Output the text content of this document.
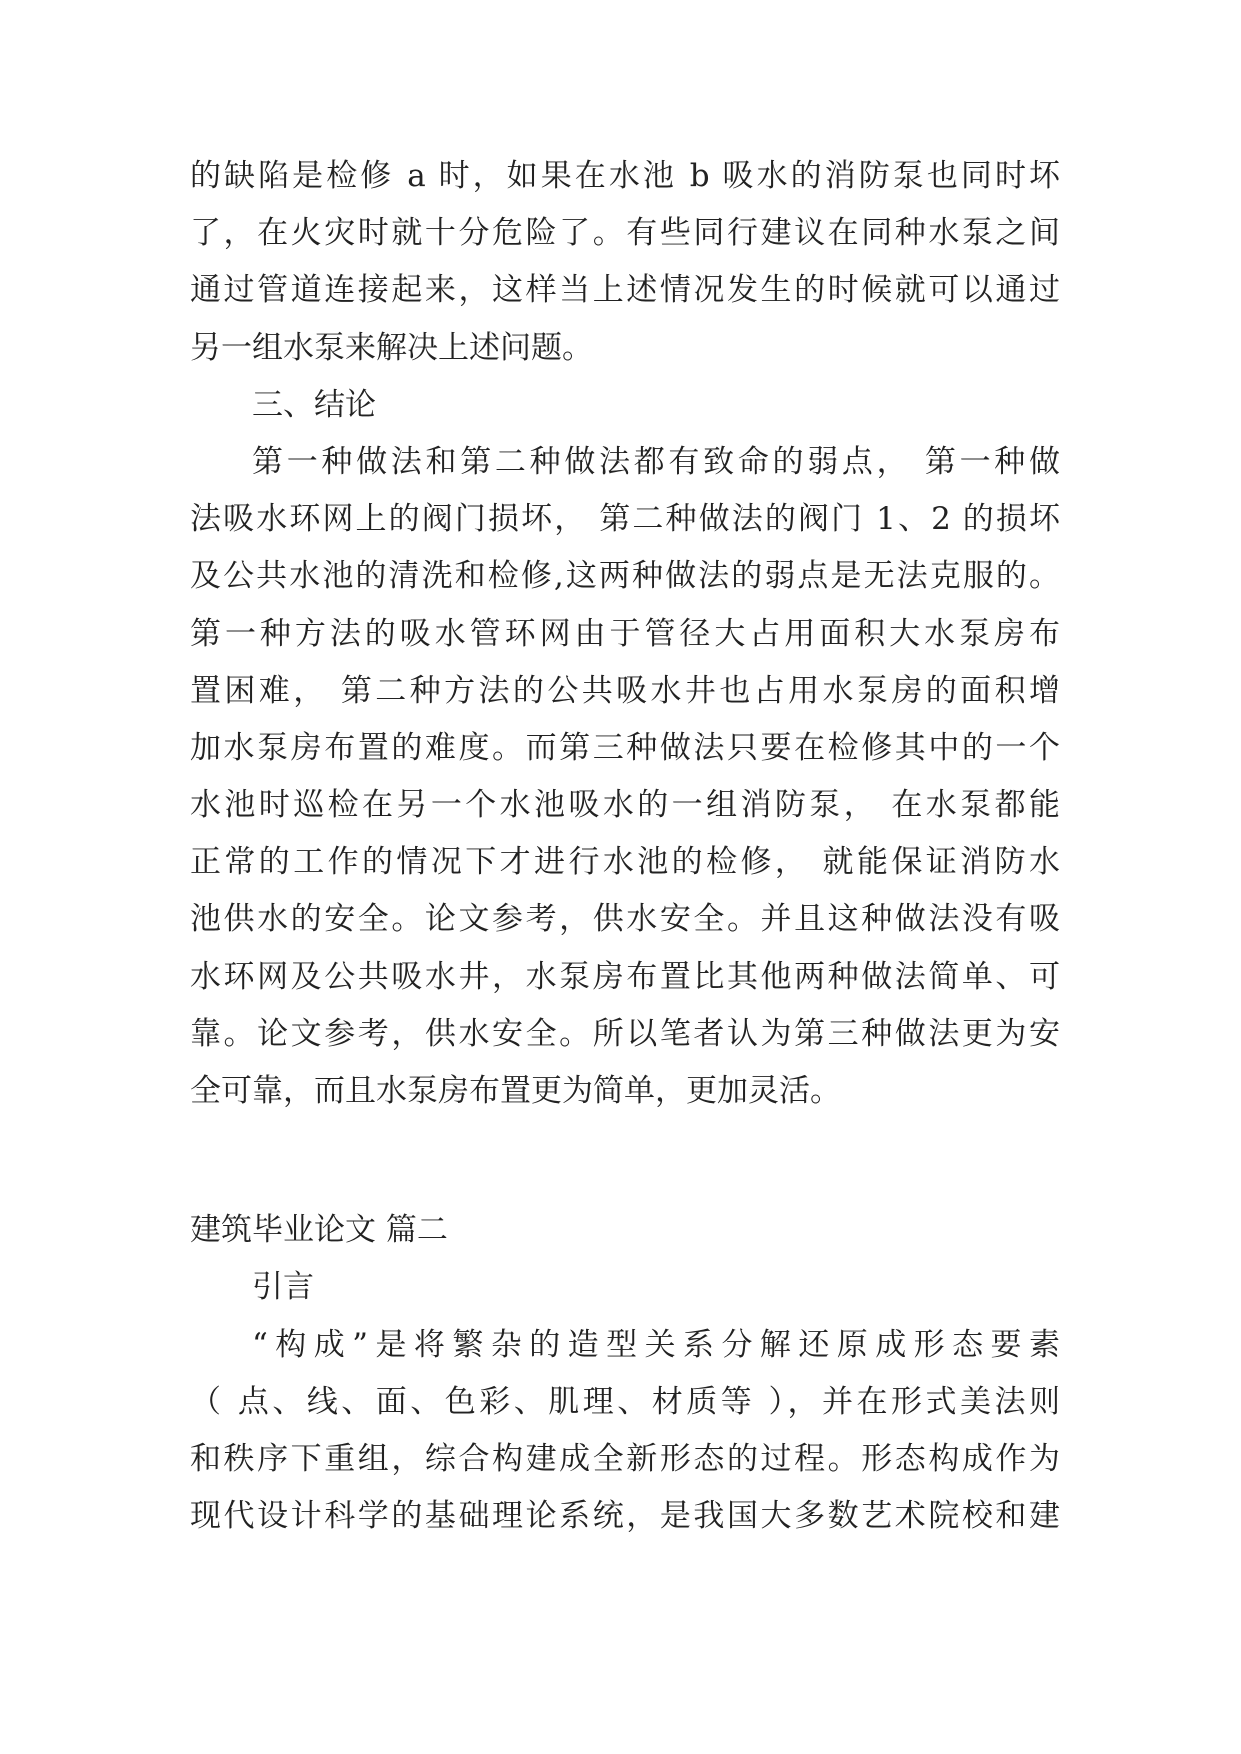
的缺陷是检修 a 时，如果在水池 b 吸水的消防泵也同时坏
了，在火灾时就十分危险了。有些同行建议在同种水泵之间
通过管道连接起来，这样当上述情况发生的时候就可以通过
另一组水泵来解决上述问题。
三、结论
第一种做法和第二种做法都有致命的弱点， 第一种做
法吸水环网上的阀门损坏， 第二种做法的阀门 1、2 的损坏
及公共水池的清洗和检修,这两种做法的弱点是无法克服的。
第一种方法的吸水管环网由于管径大占用面积大水泵房布
置困难， 第二种方法的公共吸水井也占用水泵房的面积增
加水泵房布置的难度。而第三种做法只要在检修其中的一个
水池时巡检在另一个水池吸水的一组消防泵， 在水泵都能
正常的工作的情况下才进行水池的检修， 就能保证消防水
池供水的安全。论文参考，供水安全。并且这种做法没有吸
水环网及公共吸水井，水泵房布置比其他两种做法简单、可
靠。论文参考，供水安全。所以笔者认为第三种做法更为安
全可靠，而且水泵房布置更为简单，更加灵活。
建筑毕业论文 篇二
引言
“构成”是将繁杂的造型关系分解还原成形态要素
（ 点、线、面、色彩、肌理、材质等 ），并在形式美法则
和秩序下重组，综合构建成全新形态的过程。形态构成作为
现代设计科学的基础理论系统，是我国大多数艺术院校和建
